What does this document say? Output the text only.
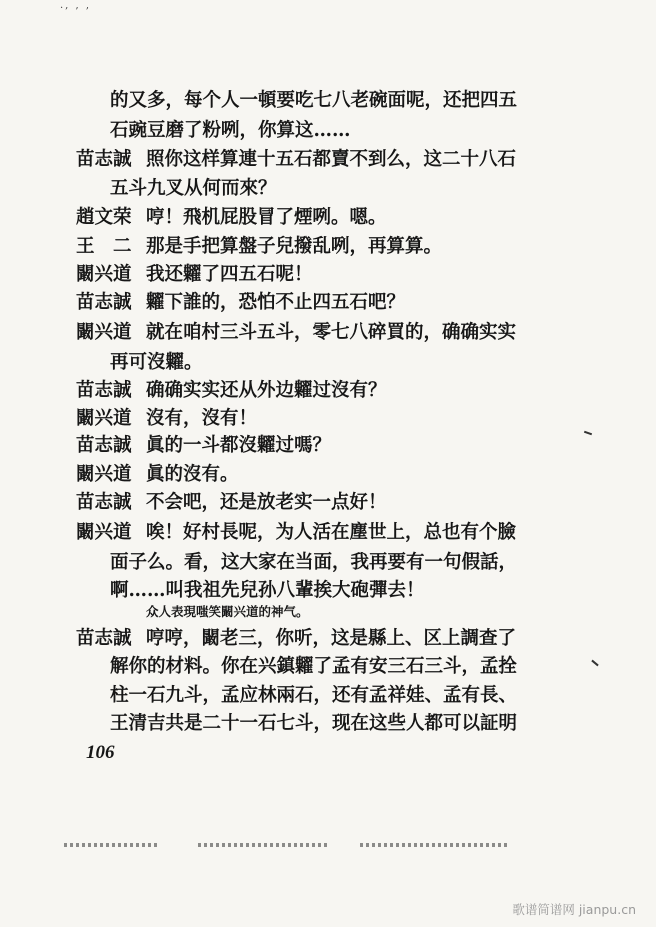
., , ,
的又多，每个人一頓要吃七八老碗面呢，还把四五
石豌豆磨了粉咧，你算这……
苗志誠 照你这样算連十五石都賣不到么，这二十八石
五斗九叉从何而來？
趙文荣 哼！飛机屁股冒了煙咧。嗯。
王　二 那是手把算盤子兒撥乱咧，再算算。
闞兴道 我还糶了四五石呢！
苗志誠 糶下誰的，恐怕不止四五石吧？
闞兴道 就在咱村三斗五斗，零七八碎買的，确确实实
再可沒糶。
苗志誠 确确实实还从外边糶过沒有？
闞兴道 沒有，沒有！
苗志誠 眞的一斗都沒糶过嗎？
闞兴道 眞的沒有。
苗志誠 不会吧，还是放老实一点好！
闞兴道 唉！好村長呢，为人活在塵世上，总也有个臉
面子么。看，这大家在当面，我再要有一句假話，
啊……叫我祖先兒孙八輩挨大砲彈去！
众人表現嗤笑闞兴道的神气。
苗志誠 哼哼，闞老三，你听，这是縣上、区上調查了
解你的材料。你在兴鎮糶了孟有安三石三斗，孟拴
柱一石九斗，孟应林兩石，还有孟祥娃、孟有長、
王清吉共是二十一石七斗，现在这些人都可以証明
106
歌谱简谱网 jianpu.cn
